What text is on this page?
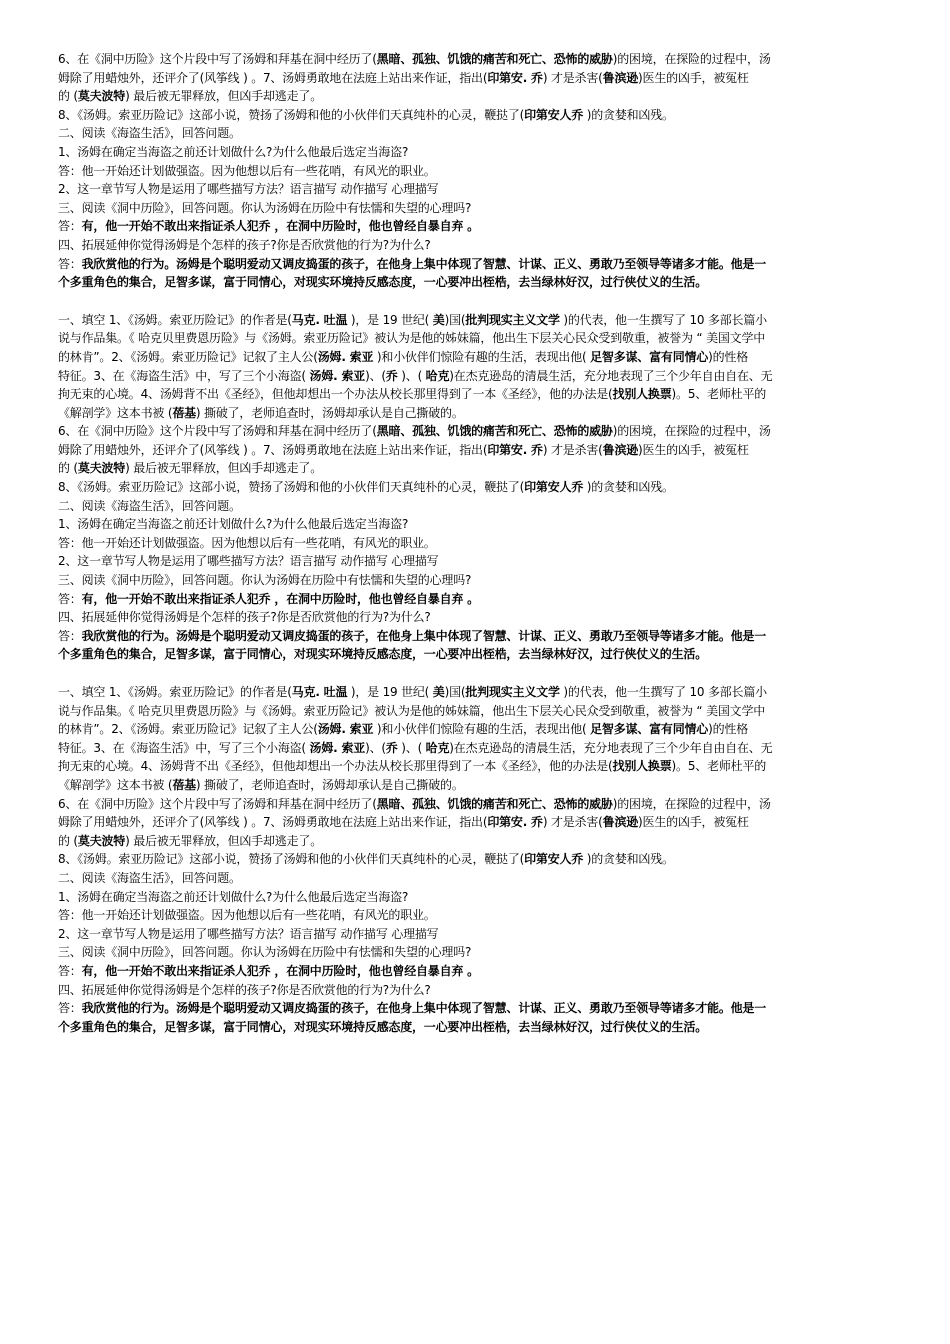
6、在《洞中历险》这个片段中写了汤姆和拜基在洞中经历了(黑暗、孤独、饥饿的痛苦和死亡、恐怖的威胁)的困境，在探险的过程中，汤
姆除了用蜡烛外，还评介了(风筝线 ) 。7、汤姆勇敢地在法庭上站出来作证，指出(印第安. 乔) 才是杀害(鲁滨逊)医生的凶手，被冤枉
的 (莫夫波特) 最后被无罪释放，但凶手却逃走了。
8、《汤姆。索亚历险记》这部小说，赞扬了汤姆和他的小伙伴们天真纯朴的心灵，鞭挞了(印第安人乔 )的贪婪和凶残。
二、阅读《海盗生活》，回答问题。
1、汤姆在确定当海盗之前还计划做什么?为什么他最后选定当海盗?
答：他一开始还计划做强盗。因为他想以后有一些花哨，有风光的职业。
2、这一章节写人物是运用了哪些描写方法？语言描写 动作描写 心理描写
三、阅读《洞中历险》，回答问题。你认为汤姆在历险中有怯懦和失望的心理吗?
答：有，他一开始不敢出来指证杀人犯乔 ，在洞中历险时，他也曾经自暴自弃 。
四、拓展延伸你觉得汤姆是个怎样的孩子?你是否欣赏他的行为?为什么?
答：我欣赏他的行为。汤姆是个聪明爱动又调皮捣蛋的孩子，在他身上集中体现了智慧、计谋、正义、勇敢乃至领导等诸多才能。他是一
个多重角色的集合，足智多谋，富于同情心，对现实环境持反感态度，一心要冲出桎梏，去当绿林好汉，过行侠仗义的生活。
一、填空 1、《汤姆。索亚历险记》的作者是(马克. 吐温 )，是 19 世纪( 美)国(批判现实主义文学 )的代表，他一生撰写了 10 多部长篇小
说与作品集。《 哈克贝里费恩历险》与《汤姆。索亚历险记》被认为是他的姊妹篇，他出生下层关心民众受到敬重，被誉为 “ 美国文学中
的林肯”。2、《汤姆。索亚历险记》记叙了主人公(汤姆. 索亚 )和小伙伴们惊险有趣的生活，表现出他( 足智多谋、富有同情心)的性格
特征。3、在《海盗生活》中，写了三个小海盗( 汤姆. 索亚)、(乔 )、( 哈克)在杰克逊岛的清晨生活，充分地表现了三个少年自由自在、无
拘无束的心境。4、汤姆背不出《圣经》，但他却想出一个办法从校长那里得到了一本《圣经》，他的办法是(找别人换票)。5、老师杜平的
《解剖学》这本书被 (蓓基) 撕破了，老师追查时，汤姆却承认是自己撕破的。
6、在《洞中历险》这个片段中写了汤姆和拜基在洞中经历了(黑暗、孤独、饥饿的痛苦和死亡、恐怖的威胁)的困境，在探险的过程中，汤
姆除了用蜡烛外，还评介了(风筝线 ) 。7、汤姆勇敢地在法庭上站出来作证，指出(印第安. 乔) 才是杀害(鲁滨逊)医生的凶手，被冤枉
的 (莫夫波特) 最后被无罪释放，但凶手却逃走了。
8、《汤姆。索亚历险记》这部小说，赞扬了汤姆和他的小伙伴们天真纯朴的心灵，鞭挞了(印第安人乔 )的贪婪和凶残。
二、阅读《海盗生活》，回答问题。
1、汤姆在确定当海盗之前还计划做什么?为什么他最后选定当海盗?
答：他一开始还计划做强盗。因为他想以后有一些花哨，有风光的职业。
2、这一章节写人物是运用了哪些描写方法？语言描写 动作描写 心理描写
三、阅读《洞中历险》，回答问题。你认为汤姆在历险中有怯懦和失望的心理吗?
答：有，他一开始不敢出来指证杀人犯乔 ，在洞中历险时，他也曾经自暴自弃 。
四、拓展延伸你觉得汤姆是个怎样的孩子?你是否欣赏他的行为?为什么?
答：我欣赏他的行为。汤姆是个聪明爱动又调皮捣蛋的孩子，在他身上集中体现了智慧、计谋、正义、勇敢乃至领导等诸多才能。他是一
个多重角色的集合，足智多谋，富于同情心，对现实环境持反感态度，一心要冲出桎梏，去当绿林好汉，过行侠仗义的生活。
一、填空 1、《汤姆。索亚历险记》的作者是(马克. 吐温 )，是 19 世纪( 美)国(批判现实主义文学 )的代表，他一生撰写了 10 多部长篇小
说与作品集。《 哈克贝里费恩历险》与《汤姆。索亚历险记》被认为是他的姊妹篇，他出生下层关心民众受到敬重，被誉为 “ 美国文学中
的林肯”。2、《汤姆。索亚历险记》记叙了主人公(汤姆. 索亚 )和小伙伴们惊险有趣的生活，表现出他( 足智多谋、富有同情心)的性格
特征。3、在《海盗生活》中，写了三个小海盗( 汤姆. 索亚)、(乔 )、( 哈克)在杰克逊岛的清晨生活，充分地表现了三个少年自由自在、无
拘无束的心境。4、汤姆背不出《圣经》，但他却想出一个办法从校长那里得到了一本《圣经》，他的办法是(找别人换票)。5、老师杜平的
《解剖学》这本书被 (蓓基) 撕破了，老师追查时，汤姆却承认是自己撕破的。
6、在《洞中历险》这个片段中写了汤姆和拜基在洞中经历了(黑暗、孤独、饥饿的痛苦和死亡、恐怖的威胁)的困境，在探险的过程中，汤
姆除了用蜡烛外，还评介了(风筝线 ) 。7、汤姆勇敢地在法庭上站出来作证，指出(印第安. 乔) 才是杀害(鲁滨逊)医生的凶手，被冤枉
的 (莫夫波特) 最后被无罪释放，但凶手却逃走了。
8、《汤姆。索亚历险记》这部小说，赞扬了汤姆和他的小伙伴们天真纯朴的心灵，鞭挞了(印第安人乔 )的贪婪和凶残。
二、阅读《海盗生活》，回答问题。
1、汤姆在确定当海盗之前还计划做什么?为什么他最后选定当海盗?
答：他一开始还计划做强盗。因为他想以后有一些花哨，有风光的职业。
2、这一章节写人物是运用了哪些描写方法？语言描写 动作描写 心理描写
三、阅读《洞中历险》，回答问题。你认为汤姆在历险中有怯懦和失望的心理吗?
答：有，他一开始不敢出来指证杀人犯乔 ，在洞中历险时，他也曾经自暴自弃 。
四、拓展延伸你觉得汤姆是个怎样的孩子?你是否欣赏他的行为?为什么?
答：我欣赏他的行为。汤姆是个聪明爱动又调皮捣蛋的孩子，在他身上集中体现了智慧、计谋、正义、勇敢乃至领导等诸多才能。他是一
个多重角色的集合，足智多谋，富于同情心，对现实环境持反感态度，一心要冲出桎梏，去当绿林好汉，过行侠仗义的生活。
